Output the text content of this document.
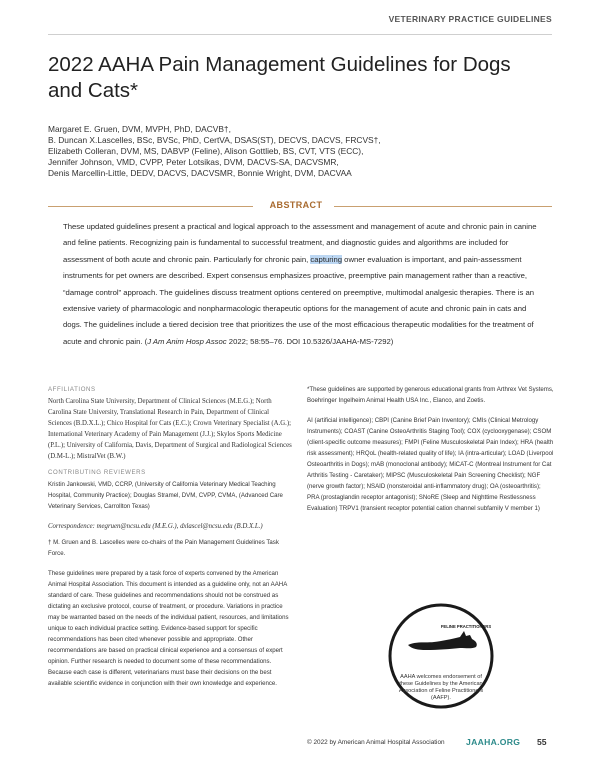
VETERINARY PRACTICE GUIDELINES
2022 AAHA Pain Management Guidelines for Dogs and Cats*
Margaret E. Gruen, DVM, MVPH, PhD, DACVB†,
B. Duncan X.Lascelles, BSc, BVSc, PhD, CertVA, DSAS(ST), DECVS, DACVS, FRCVS†,
Elizabeth Colleran, DVM, MS, DABVP (Feline), Alison Gottlieb, BS, CVT, VTS (ECC),
Jennifer Johnson, VMD, CVPP, Peter Lotsikas, DVM, DACVS-SA, DACVSMR,
Denis Marcellin-Little, DEDV, DACVS, DACVSMR, Bonnie Wright, DVM, DACVAA
ABSTRACT
These updated guidelines present a practical and logical approach to the assessment and management of acute and chronic pain in canine and feline patients. Recognizing pain is fundamental to successful treatment, and diagnostic guides and algorithms are included for assessment of both acute and chronic pain. Particularly for chronic pain, capturing owner evaluation is important, and pain-assessment instruments for pet owners are described. Expert consensus emphasizes proactive, preemptive pain management rather than a reactive, “damage control” approach. The guidelines discuss treatment options centered on preemptive, multimodal analgesic therapies. There is an extensive variety of pharmacologic and nonpharmacologic therapeutic options for the management of acute and chronic pain in cats and dogs. The guidelines include a tiered decision tree that prioritizes the use of the most efficacious therapeutic modalities for the treatment of acute and chronic pain. (J Am Anim Hosp Assoc 2022; 58:55–76. DOI 10.5326/JAAHA-MS-7292)
AFFILIATIONS

North Carolina State University, Department of Clinical Sciences (M.E.G.); North Carolina State University, Translational Research in Pain, Department of Clinical Sciences (B.D.X.L.); Chico Hospital for Cats (E.C.); Crown Veterinary Specialist (A.G.); International Veterinary Academy of Pain Management (J.J.); Skylos Sports Medicine (P.L.); University of California, Davis, Department of Surgical and Radiological Sciences (D.M-L.); MistralVet (B.W.)

CONTRIBUTING REVIEWERS

Kristin Jankowski, VMD, CCRP, (University of California Veterinary Medical Teaching Hospital, Community Practice); Douglas Stramel, DVM, CVPP, CVMA, (Advanced Care Veterinary Services, Carrollton Texas)

Correspondence: megruen@ncsu.edu (M.E.G.), dxlascel@ncsu.edu (B.D.X.L.)

† M. Gruen and B. Lascelles were co-chairs of the Pain Management Guidelines Task Force.

These guidelines were prepared by a task force of experts convened by the American Animal Hospital Association. This document is intended as a guideline only, not an AAHA standard of care. These guidelines and recommendations should not be construed as dictating an exclusive protocol, course of treatment, or procedure. Variations in practice may be warranted based on the needs of the individual patient, resources, and limitations unique to each individual practice setting. Evidence-based support for specific recommendations has been cited whenever possible and appropriate. Other recommendations are based on practical clinical experience and a consensus of expert opinion. Further research is needed to document some of these recommendations. Because each case is different, veterinarians must base their decisions on the best available scientific evidence in conjunction with their own knowledge and experience.

*These guidelines are supported by generous educational grants from Arthrex Vet Systems, Boehringer Ingelheim Animal Health USA Inc., Elanco, and Zoetis.

AI (artificial intelligence); CBPI (Canine Brief Pain Inventory); CMIs (Clinical Metrology Instruments); COAST (Canine OsteoArthritis Staging Tool); COX (cyclooxygenase); CSOM (client-specific outcome measures); FMPI (Feline Musculoskeletal Pain Index); HRA (health risk assessment); HRQoL (health-related quality of life); IA (intra-articular); LOAD (Liverpool Osteoarthritis in Dogs); mAB (monoclonal antibody); MiCAT-C (Montreal Instrument for Cat Arthritis Testing - Caretaker); MIPSC (Musculoskeletal Pain Screening Checklist); NGF (nerve growth factor); NSAID (nonsteroidal anti-inflammatory drug); OA (osteoarthritis); PRA (prostaglandin receptor antagonist); SNoRE (Sleep and Nighttime Restlessness Evaluation) TRPV1 (transient receptor potential cation channel subfamily V member 1)

FELINE PRACTITIONERS
AAHA welcomes endorsement of these Guidelines by the American Association of Feline Practitioners (AAFP).
© 2022 by American Animal Hospital Association JAAHA.ORG 55
